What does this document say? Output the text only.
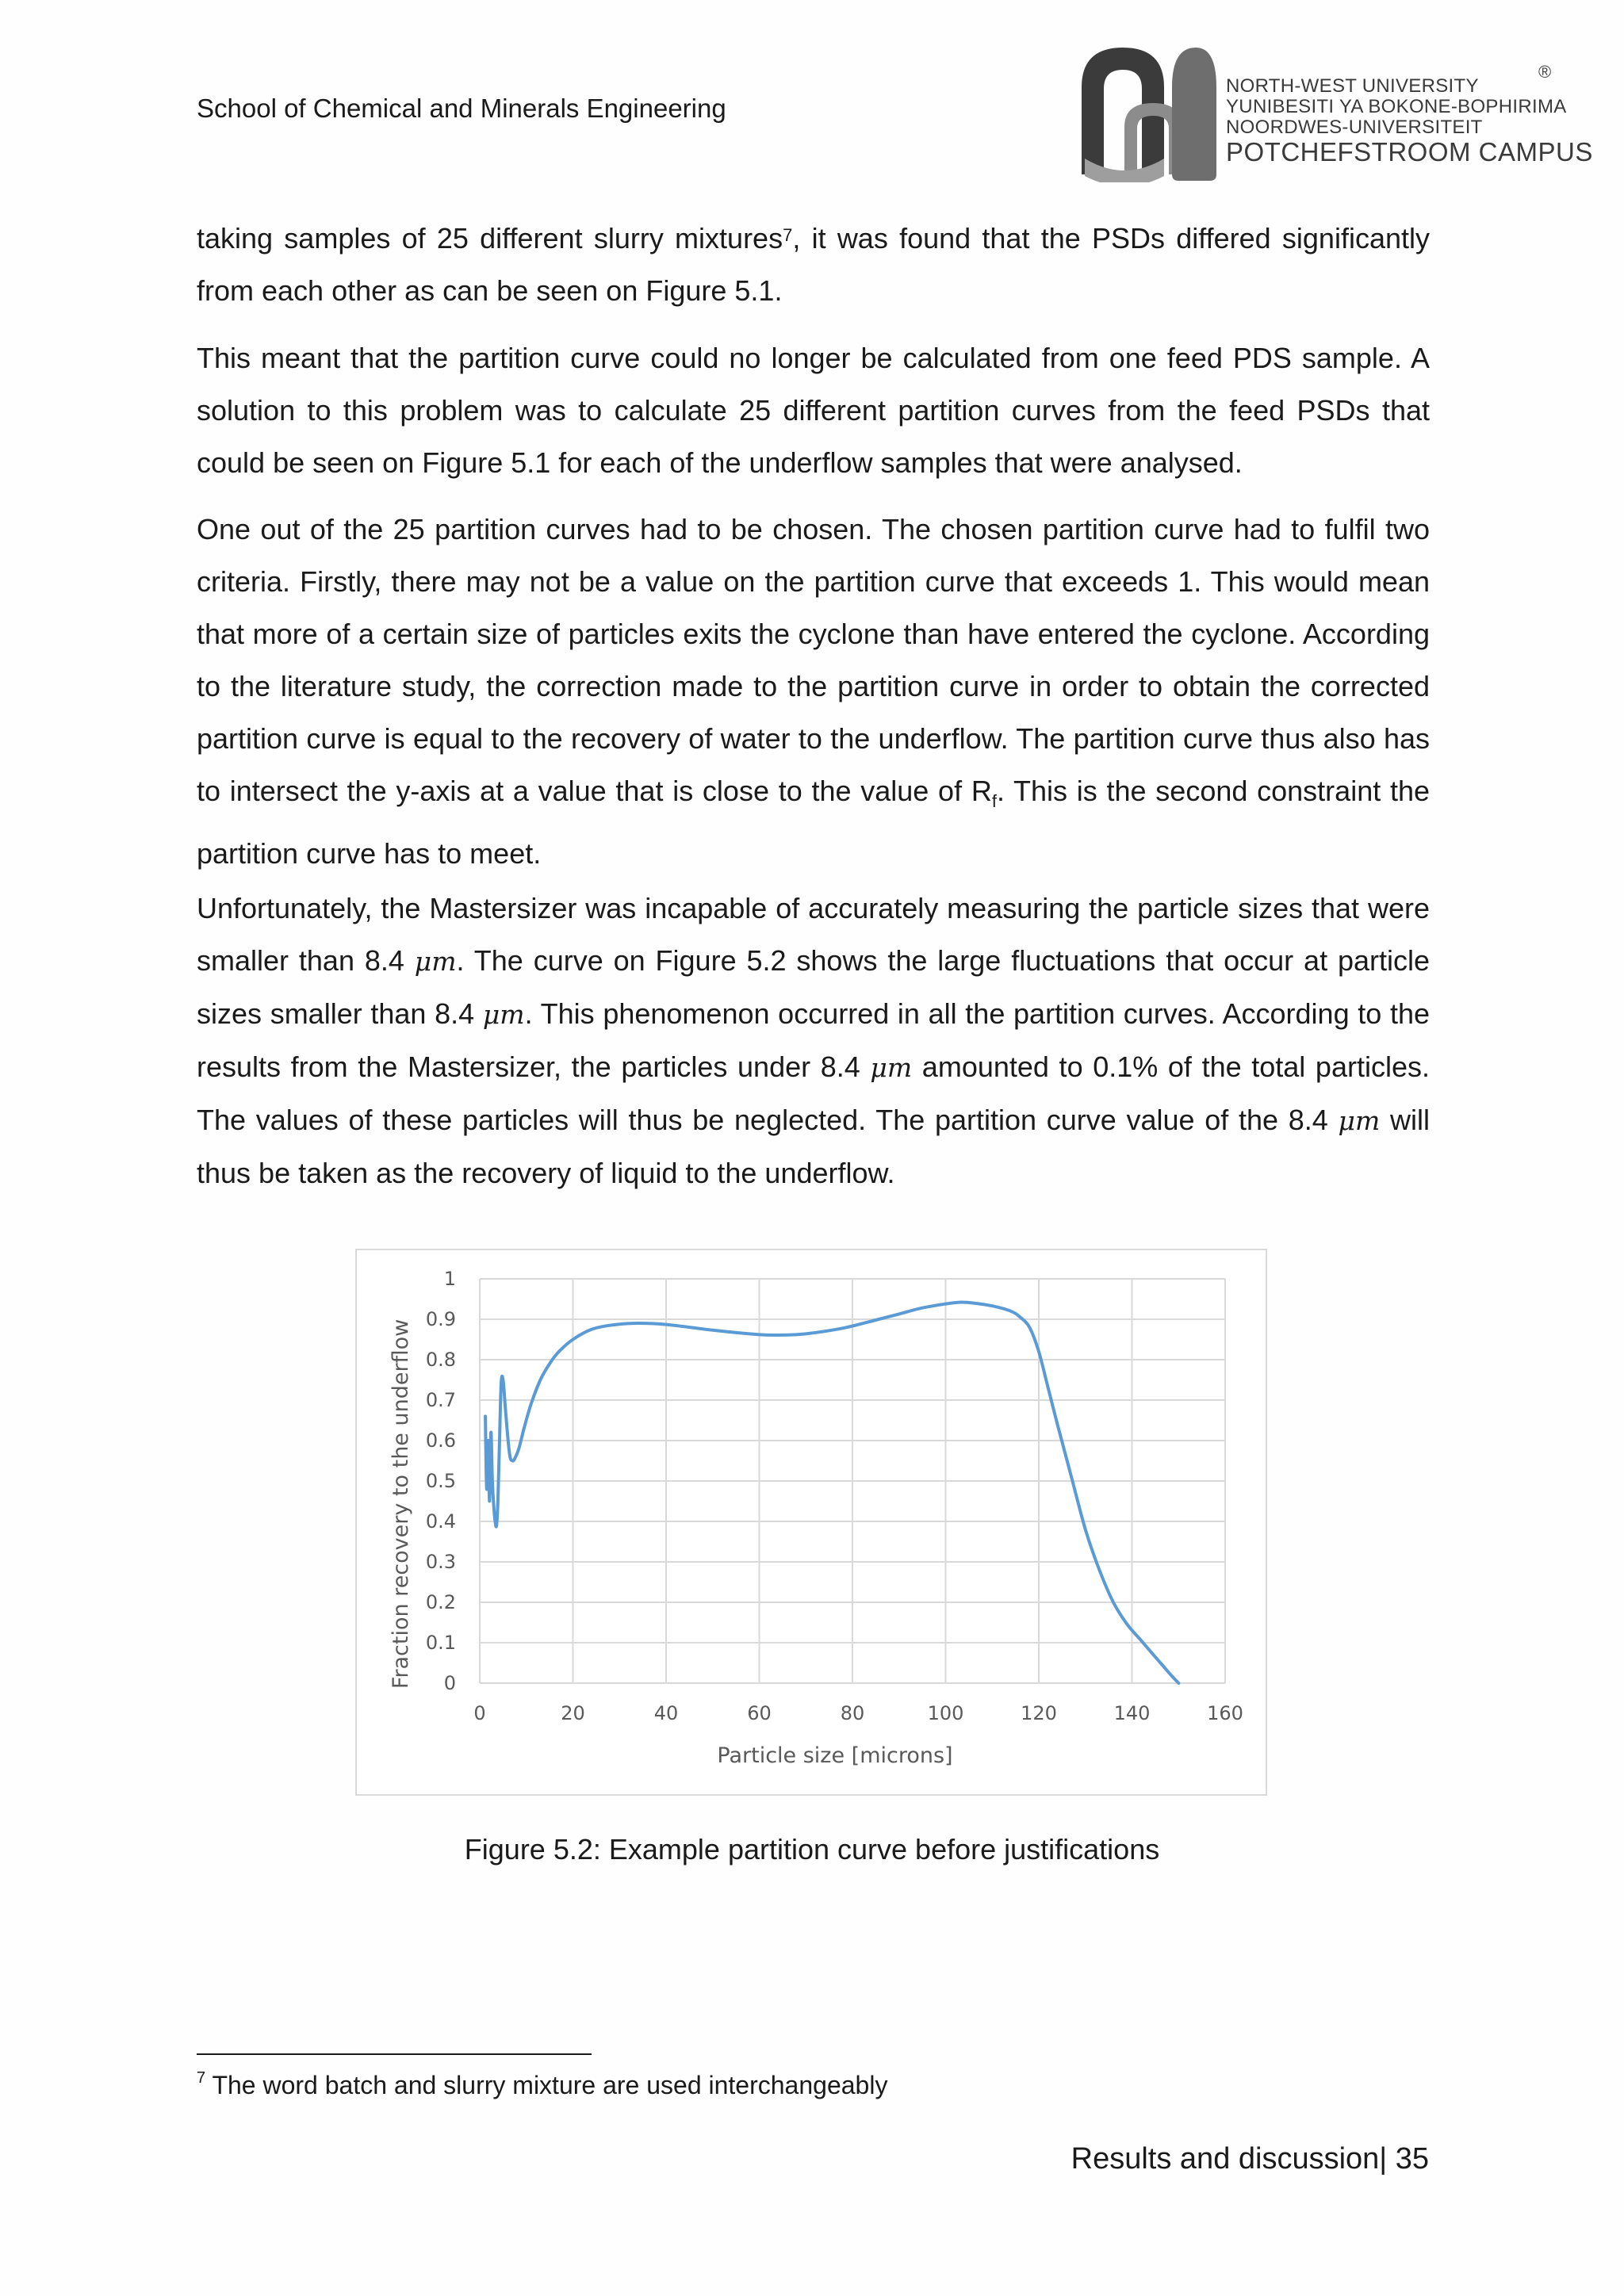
School of Chemical and Minerals Engineering
NORTH-WEST UNIVERSITY
YUNIBESITI YA BOKONE-BOPHIRIMA
NOORDWES-UNIVERSITEIT
POTCHEFSTROOM CAMPUS
®

taking samples of 25 different slurry mixtures$^7$, it was found that the PSDs differed significantly from each other as can be seen on Figure 5.1.

This meant that the partition curve could no longer be calculated from one feed PDS sample. A solution to this problem was to calculate 25 different partition curves from the feed PSDs that could be seen on Figure 5.1 for each of the underflow samples that were analysed.

One out of the 25 partition curves had to be chosen. The chosen partition curve had to fulfil two criteria. Firstly, there may not be a value on the partition curve that exceeds 1. This would mean that more of a certain size of particles exits the cyclone than have entered the cyclone. According to the literature study, the correction made to the partition curve in order to obtain the corrected partition curve is equal to the recovery of water to the underflow. The partition curve thus also has to intersect the y-axis at a value that is close to the value of $R_f$. This is the second constraint the partition curve has to meet.

Unfortunately, the Mastersizer was incapable of accurately measuring the particle sizes that were smaller than 8.4 μm. The curve on Figure 5.2 shows the large fluctuations that occur at particle sizes smaller than 8.4 μm. This phenomenon occurred in all the partition curves. According to the results from the Mastersizer, the particles under 8.4 μm amounted to 0.1% of the total particles. The values of these particles will thus be neglected. The partition curve value of the 8.4 μm will thus be taken as the recovery of liquid to the underflow.

0
0.1
0.2
0.3
0.4
0.5
0.6
0.7
0.8
0.9
1
0	20	40	60	80	100	120	140	160
Particle size [microns]
Fraction recovery to the underflow
Figure 5.2: Example partition curve before justifications
$^7$ The word batch and slurry mixture are used interchangeably
Results and discussion| 35
